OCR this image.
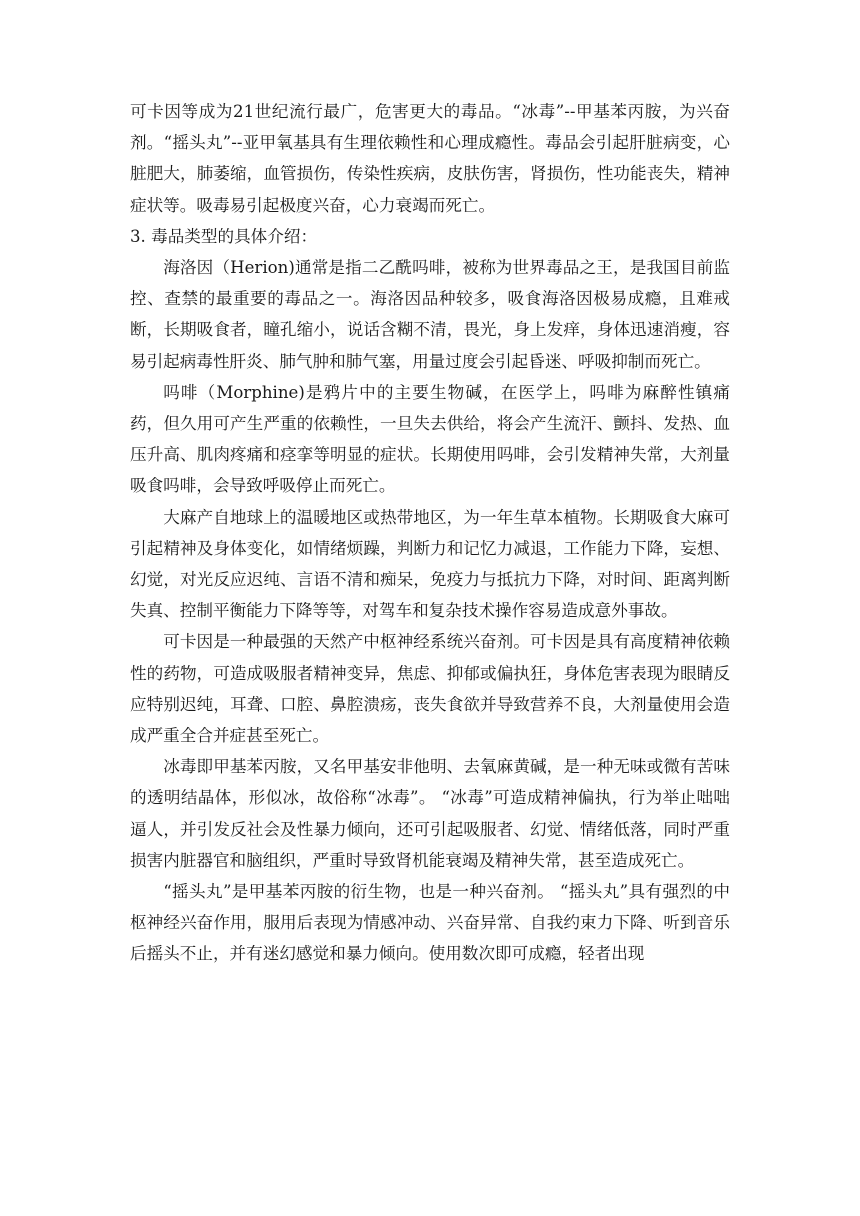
可卡因等成为21世纪流行最广，危害更大的毒品。“冰毒”--甲基苯丙胺，为兴奋剂。“摇头丸”--亚甲氧基具有生理依赖性和心理成瘾性。毒品会引起肝脏病变，心脏肥大，肺萎缩，血管损伤，传染性疾病，皮肤伤害，肾损伤，性功能丧失，精神症状等。吸毒易引起极度兴奋，心力衰竭而死亡。

3. 毒品类型的具体介绍：

海洛因（Herion)通常是指二乙酰吗啡，被称为世界毒品之王，是我国目前监控、查禁的最重要的毒品之一。海洛因品种较多，吸食海洛因极易成瘾，且难戒断，长期吸食者，瞳孔缩小，说话含糊不清，畏光，身上发痒，身体迅速消瘦，容易引起病毒性肝炎、肺气肿和肺气塞，用量过度会引起昏迷、呼吸抑制而死亡。

吗啡（Morphine)是鸦片中的主要生物碱，在医学上，吗啡为麻醉性镇痛药，但久用可产生严重的依赖性，一旦失去供给，将会产生流汗、颤抖、发热、血压升高、肌肉疼痛和痉挛等明显的症状。长期使用吗啡，会引发精神失常，大剂量吸食吗啡，会导致呼吸停止而死亡。

大麻产自地球上的温暖地区或热带地区，为一年生草本植物。长期吸食大麻可引起精神及身体变化，如情绪烦躁，判断力和记忆力减退，工作能力下降，妄想、幻觉，对光反应迟纯、言语不清和痴呆，免疫力与抵抗力下降，对时间、距离判断失真、控制平衡能力下降等等，对驾车和复杂技术操作容易造成意外事故。

可卡因是一种最强的天然产中枢神经系统兴奋剂。可卡因是具有高度精神依赖性的药物，可造成吸服者精神变异，焦虑、抑郁或偏执狂，身体危害表现为眼睛反应特别迟纯，耳聋、口腔、鼻腔溃疡，丧失食欲并导致营养不良，大剂量使用会造成严重全合并症甚至死亡。

冰毒即甲基苯丙胺，又名甲基安非他明、去氧麻黄碱，是一种无味或微有苦味的透明结晶体，形似冰，故俗称“冰毒”。 “冰毒”可造成精神偏执，行为举止咄咄逼人，并引发反社会及性暴力倾向，还可引起吸服者、幻觉、情绪低落，同时严重损害内脏器官和脑组织，严重时导致肾机能衰竭及精神失常，甚至造成死亡。

“摇头丸”是甲基苯丙胺的衍生物，也是一种兴奋剂。 “摇头丸”具有强烈的中枢神经兴奋作用，服用后表现为情感冲动、兴奋异常、自我约束力下降、听到音乐后摇头不止，并有迷幻感觉和暴力倾向。使用数次即可成瘾，轻者出现
